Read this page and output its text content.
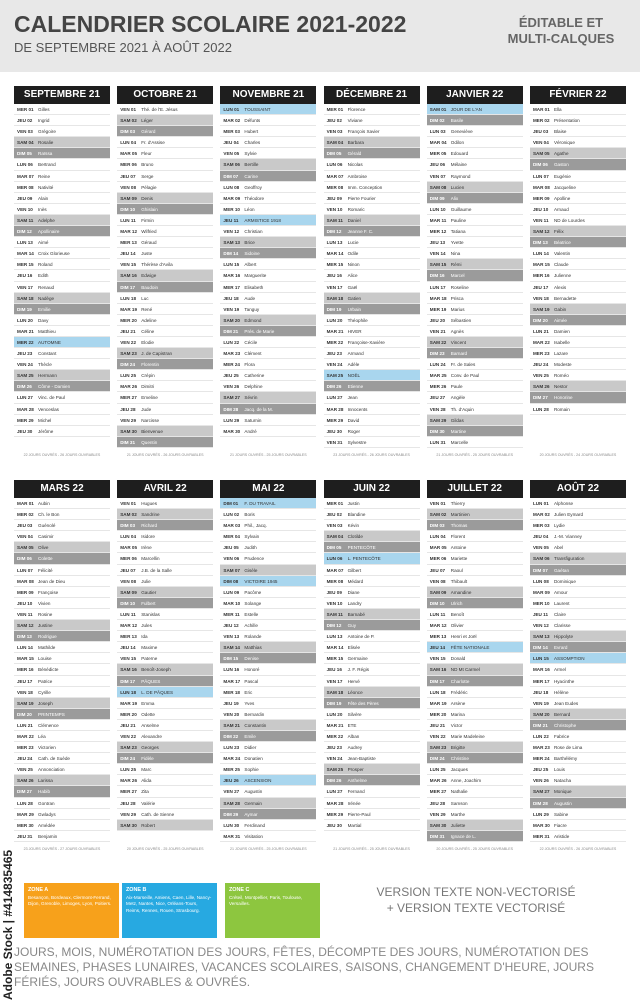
CALENDRIER SCOLAIRE 2021-2022
DE SEPTEMBRE 2021 À AOÛT 2022
ÉDITABLE ET
MULTI-CALQUES
SEPTEMBRE 21
MER 01 Gilles
JEU 02 Ingrid
VEN 03 Grégoire
SAM 04 Rosalie
DIM 05 Raïssa
LUN 06 Bertrand
MAR 07 Reine
MER 08 Nativité
JEU 09 Alain
VEN 10 Inès
SAM 11 Adelphe
DIM 12 Apollinaire
LUN 13 Aimé
MAR 14 Croix Glorieuse
MER 15 Roland
JEU 16 Edith
VEN 17 Renaud
SAM 18 Nadège
DIM 19 Emilie
LUN 20 Davy
MAR 21 Matthieu
MER 22 AUTOMNE
JEU 23 Constant
VEN 24 Thècle
SAM 25 Hermann
DIM 26 Côme - Damien
LUN 27 Vinc. de Paul
MAR 28 Venceslas
MER 29 Michel
JEU 30 Jérôme
22 JOURS OUVRÉS - 26 JOURS OUVRABLES
OCTOBRE 21
VEN 01 Thé. de l'E. Jésus
SAM 02 Léger
DIM 03 Gérard
LUN 04 Fr. d'Assise
MAR 05 Fleur
MER 06 Bruno
JEU 07 Serge
VEN 08 Pélagie
SAM 09 Denis
DIM 10 Ghislain
LUN 11 Firmin
MAR 12 Wilfried
MER 13 Géraud
JEU 14 Juste
VEN 15 Thérèse d'Avila
SAM 16 Edwige
DIM 17 Baudoin
LUN 18 Luc
MAR 19 René
MER 20 Adeline
JEU 21 Céline
VEN 22 Elodie
SAM 23 J. de Capistran
DIM 24 Florentin
LUN 25 Crépin
MAR 26 Dimitri
MER 27 Emeline
JEU 28 Jude
VEN 29 Narcisse
SAM 30 Bienvenue
DIM 31 Quentin
21 JOURS OUVRÉS - 26 JOURS OUVRABLES
NOVEMBRE 21
LUN 01 TOUSSAINT
MAR 02 Défunts
MER 03 Hubert
JEU 04 Charles
VEN 05 Sylvie
SAM 06 Bertille
DIM 07 Carine
LUN 08 Geoffroy
MAR 09 Théodore
MER 10 Léon
JEU 11 ARMISTICE 1918
VEN 12 Christian
SAM 13 Brice
DIM 14 Sidoine
LUN 15 Albert
MAR 16 Marguerite
MER 17 Elisabeth
JEU 18 Aude
VEN 19 Tanguy
SAM 20 Edmond
DIM 21 Prés. de Marie
LUN 22 Cécile
MAR 23 Clément
MER 24 Flora
JEU 25 Catherine
VEN 26 Delphine
SAM 27 Sévrin
DIM 28 Jacq. de la M.
LUN 29 Saturnin
MAR 30 André
21 JOURS OUVRÉS - 25 JOURS OUVRABLES
DÉCEMBRE 21
MER 01 Florence
JEU 02 Viviane
VEN 03 François Xavier
SAM 04 Barbara
DIM 05 Gérald
LUN 06 Nicolas
MAR 07 Ambroise
MER 08 Imm. Conception
JEU 09 Pierre Fourier
VEN 10 Romaric
SAM 11 Daniel
DIM 12 Jeanne F. C.
LUN 13 Lucie
MAR 14 Odile
MER 15 Ninon
JEU 16 Alice
VEN 17 Gaël
SAM 18 Gatien
DIM 19 Urbain
LUN 20 Théophile
MAR 21 HIVER
MER 22 Françoise-Xavière
JEU 23 Armand
VEN 24 Adèle
SAM 25 NOËL
DIM 26 Etienne
LUN 27 Jean
MAR 28 Innocents
MER 29 David
JEU 30 Roger
VEN 31 Sylvestre
23 JOURS OUVRÉS - 26 JOURS OUVRABLES
JANVIER 22
SAM 01 JOUR DE L'AN
DIM 02 Basile
LUN 03 Geneviève
MAR 04 Odilon
MER 05 Edouard
JEU 06 Mélaine
VEN 07 Raymond
SAM 08 Lucien
DIM 09 Alix
LUN 10 Guillaume
MAR 11 Pauline
MER 12 Tatiana
JEU 13 Yvette
VEN 14 Nina
SAM 15 Rémi
DIM 16 Marcel
LUN 17 Roseline
MAR 18 Prisca
MER 19 Marius
JEU 20 Sébastien
VEN 21 Agnès
SAM 22 Vincent
DIM 23 Barnard
LUN 24 Fr. de Sales
MAR 25 Conv. de Paul
MER 26 Paule
JEU 27 Angèle
VEN 28 Th. d'Aquin
SAM 29 Gildas
DIM 30 Martine
LUN 31 Marcelle
21 JOURS OUVRÉS - 25 JOURS OUVRABLES
FÉVRIER 22
MAR 01 Ella
MER 02 Présentation
JEU 03 Blaise
VEN 04 Véronique
SAM 05 Agathe
DIM 06 Gaston
LUN 07 Eugénie
MAR 08 Jacqueline
MER 09 Apolline
JEU 10 Arnaud
VEN 11 ND de Lourdes
SAM 12 Félix
DIM 13 Béatrice
LUN 14 Valentin
MAR 15 Claude
MER 16 Julienne
JEU 17 Alexis
VEN 18 Bernadette
SAM 19 Gabin
DIM 20 Aimée
LUN 21 Damien
MAR 22 Isabelle
MER 23 Lazare
JEU 24 Modeste
VEN 25 Roméo
SAM 26 Nestor
DIM 27 Honorine
LUN 28 Romain
20 JOURS OUVRÉS - 24 JOURS OUVRABLES
MARS 22
MAR 01 Aubin
MER 02 Ch. le Bon
JEU 03 Guénolé
VEN 04 Casimir
SAM 05 Olive
DIM 06 Colette
LUN 07 Félicité
MAR 08 Jean de Dieu
MER 09 Françoise
JEU 10 Vivien
VEN 11 Rosine
SAM 12 Justine
DIM 13 Rodrigue
LUN 14 Mathilde
MAR 15 Louise
MER 16 Bénédicte
JEU 17 Patrice
VEN 18 Cyrille
SAM 19 Joseph
DIM 20 PRINTEMPS
LUN 21 Clémence
MAR 22 Léa
MER 23 Victorien
JEU 24 Cath. de Suède
VEN 25 Annonciation
SAM 26 Larissa
DIM 27 Habib
LUN 28 Gontran
MAR 29 Gwladys
MER 30 Amédée
JEU 31 Benjamin
23 JOURS OUVRÉS - 27 JOURS OUVRABLES
AVRIL 22
VEN 01 Hugues
SAM 02 Sandrine
DIM 03 Richard
LUN 04 Isidore
MAR 05 Irène
MER 06 Marcellin
JEU 07 J.B. de la Salle
VEN 08 Julie
SAM 09 Gautier
DIM 10 Fulbert
LUN 11 Stanislas
MAR 12 Jules
MER 13 Ida
JEU 14 Maxime
VEN 15 Paterne
SAM 16 Benoît-Joseph
DIM 17 PÂQUES
LUN 18 L. DE PÂQUES
MAR 19 Emma
MER 20 Odette
JEU 21 Anselme
VEN 22 Alexandre
SAM 23 Georges
DIM 24 Fidèle
LUN 25 Marc
MAR 26 Alida
MER 27 Zita
JEU 28 Valérie
VEN 29 Cath. de Sienne
SAM 30 Robert
20 JOURS OUVRÉS - 25 JOURS OUVRABLES
MAI 22
DIM 01 F. DU TRAVAIL
LUN 02 Boris
MAR 03 Phil., Jacq.
MER 04 Sylvain
JEU 05 Judith
VEN 06 Prudence
SAM 07 Gisèle
DIM 08 VICTOIRE 1945
LUN 09 Pacôme
MAR 10 Solange
MER 11 Estelle
JEU 12 Achille
VEN 13 Rolande
SAM 14 Matthias
DIM 15 Denise
LUN 16 Honoré
MAR 17 Pascal
MER 18 Eric
JEU 19 Yves
VEN 20 Bernardin
SAM 21 Constantin
DIM 22 Emile
LUN 23 Didier
MAR 24 Donatien
MER 25 Sophie
JEU 26 ASCENSION
VEN 27 Augustin
SAM 28 Germain
DIM 29 Aymar
LUN 30 Ferdinand
MAR 31 Visitation
21 JOURS OUVRÉS - 25 JOURS OUVRABLES
JUIN 22
MER 01 Justin
JEU 02 Blandine
VEN 03 Kévin
SAM 04 Clotilde
DIM 05 PENTECÔTE
LUN 06 L. PENTECÔTE
MAR 07 Gilbert
MER 08 Médard
JEU 09 Diane
VEN 10 Landry
SAM 11 Barnabé
DIM 12 Guy
LUN 13 Antoine de P.
MAR 14 Elisée
MER 15 Germaine
JEU 16 J. F. Régis
VEN 17 Hervé
SAM 18 Léonce
DIM 19 Fête des Pères
LUN 20 Silvère
MAR 21 ETE
MER 22 Alban
JEU 23 Audrey
VEN 24 Jean-Baptiste
SAM 25 Prosper
DIM 26 Anthelme
LUN 27 Fernand
MAR 28 Irénée
MER 29 Pierre-Paul
JEU 30 Martial
21 JOURS OUVRÉS - 25 JOURS OUVRABLES
JUILLET 22
VEN 01 Thierry
SAM 02 Martinien
DIM 03 Thomas
LUN 04 Florent
MAR 05 Antoine
MER 06 Mariette
JEU 07 Raoul
VEN 08 Thibault
SAM 09 Amandine
DIM 10 Ulrich
LUN 11 Benoît
MAR 12 Olivier
MER 13 Henri et Joël
JEU 14 FÊTE NATIONALE
VEN 15 Donald
SAM 16 ND Mt Carmel
DIM 17 Charlotte
LUN 18 Frédéric
MAR 19 Arsène
MER 20 Marina
JEU 21 Victor
VEN 22 Marie Madeleine
SAM 23 Brigitte
DIM 24 Christine
LUN 25 Jacques
MAR 26 Anne, Joachim
MER 27 Nathalie
JEU 28 Samson
VEN 29 Marthe
SAM 30 Juliette
DIM 31 Ignace de L.
20 JOURS OUVRÉS - 25 JOURS OUVRABLES
AOÛT 22
LUN 01 Alphonse
MAR 02 Julien Eymard
MER 03 Lydie
JEU 04 J.-M. Vianney
VEN 05 Abel
SAM 06 Transfiguration
DIM 07 Gaétan
LUN 08 Dominique
MAR 09 Amour
MER 10 Laurent
JEU 11 Claire
VEN 12 Clarisse
SAM 13 Hippolyte
DIM 14 Evrard
LUN 15 ASSOMPTION
MAR 16 Armel
MER 17 Hyacinthe
JEU 18 Hélène
VEN 19 Jean Eudes
SAM 20 Bernard
DIM 21 Christophe
LUN 22 Fabrice
MAR 23 Rose de Lima
MER 24 Barthélémy
JEU 25 Louis
VEN 26 Natacha
SAM 27 Monique
DIM 28 Augustin
LUN 29 Sabine
MAR 30 Fiacre
MER 31 Aristide
22 JOURS OUVRÉS - 26 JOURS OUVRABLES
ZONE A
Besançon, Bordeaux, Clermont-Ferrand, Dijon, Grenoble, Limoges, Lyon, Poitiers.
ZONE B
Aix-Marseille, Amiens, Caen, Lille, Nancy-Metz, Nantes, Nice, Orléans-Tours, Reims, Rennes, Rouen, Strasbourg.
ZONE C
Créteil, Montpellier, Paris, Toulouse, Versailles.
VERSION TEXTE NON-VECTORISÉ
+ VERSION TEXTE VECTORISÉ
JOURS, MOIS, NUMÉROTATION DES JOURS, FÊTES, DÉCOMPTE DES JOURS, NUMÉROTATION DES SEMAINES, PHASES LUNAIRES, VACANCES SCOLAIRES, SAISONS, CHANGEMENT D'HEURE, JOURS FÉRIÉS, JOURS OUVRABLES & OUVRÉS.
Adobe Stock | #414835465
